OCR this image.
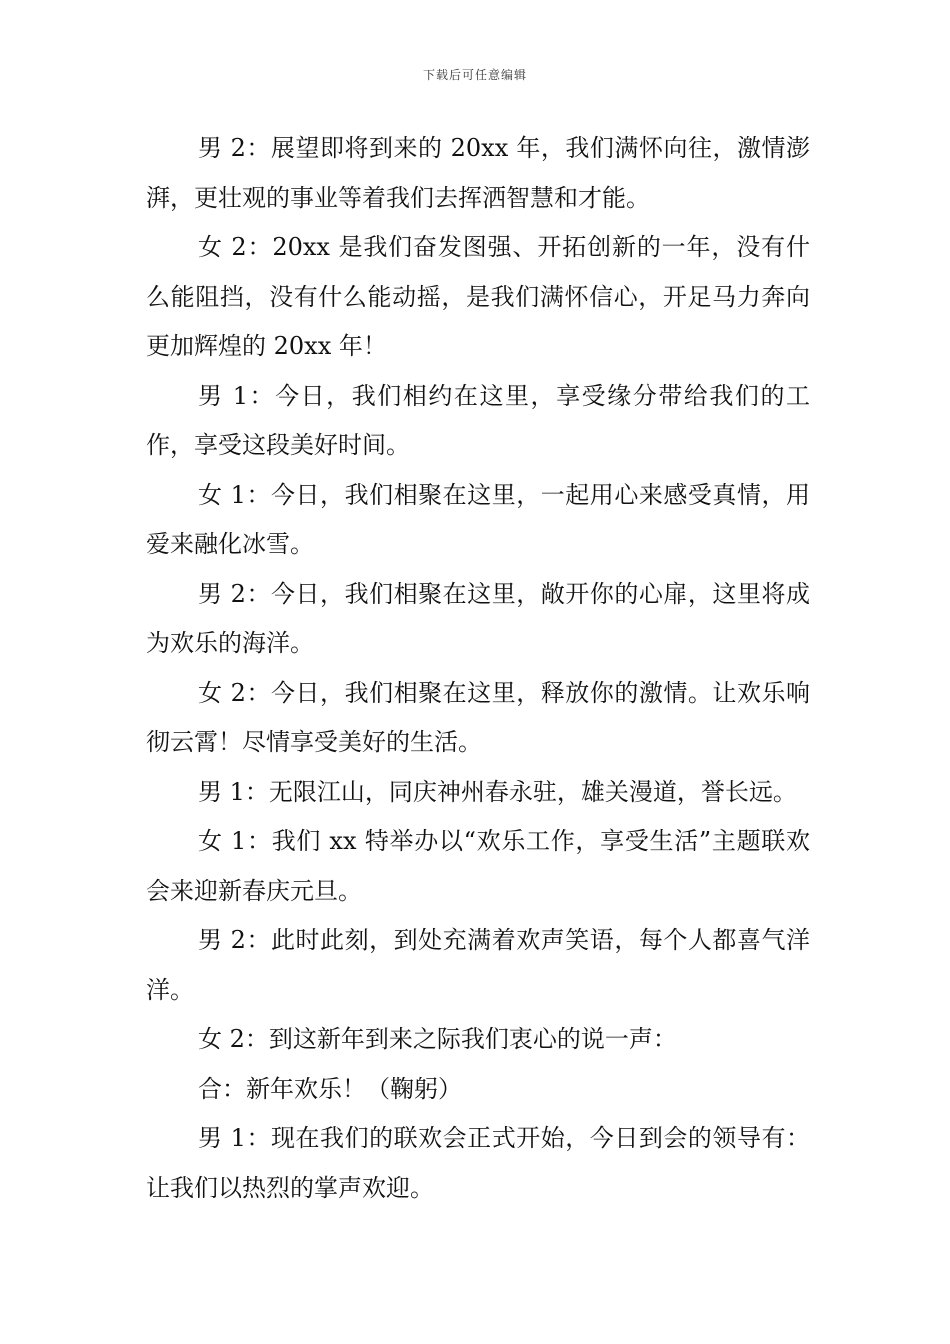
下载后可任意编辑

男 2：展望即将到来的 20xx 年，我们满怀向往，激情澎湃，更壮观的事业等着我们去挥洒智慧和才能。

女 2：20xx 是我们奋发图强、开拓创新的一年，没有什么能阻挡，没有什么能动摇，是我们满怀信心，开足马力奔向更加辉煌的 20xx 年！

男 1：今日，我们相约在这里，享受缘分带给我们的工作，享受这段美好时间。

女 1：今日，我们相聚在这里，一起用心来感受真情，用爱来融化冰雪。

男 2：今日，我们相聚在这里，敞开你的心扉，这里将成为欢乐的海洋。

女 2：今日，我们相聚在这里，释放你的激情。让欢乐响彻云霄！尽情享受美好的生活。

男 1：无限江山，同庆神州春永驻，雄关漫道，誉长远。

女 1：我们 xx 特举办以“欢乐工作，享受生活”主题联欢会来迎新春庆元旦。

男 2：此时此刻，到处充满着欢声笑语，每个人都喜气洋洋。

女 2：到这新年到来之际我们衷心的说一声：

合：新年欢乐！（鞠躬）

男 1：现在我们的联欢会正式开始，今日到会的领导有：让我们以热烈的掌声欢迎。
